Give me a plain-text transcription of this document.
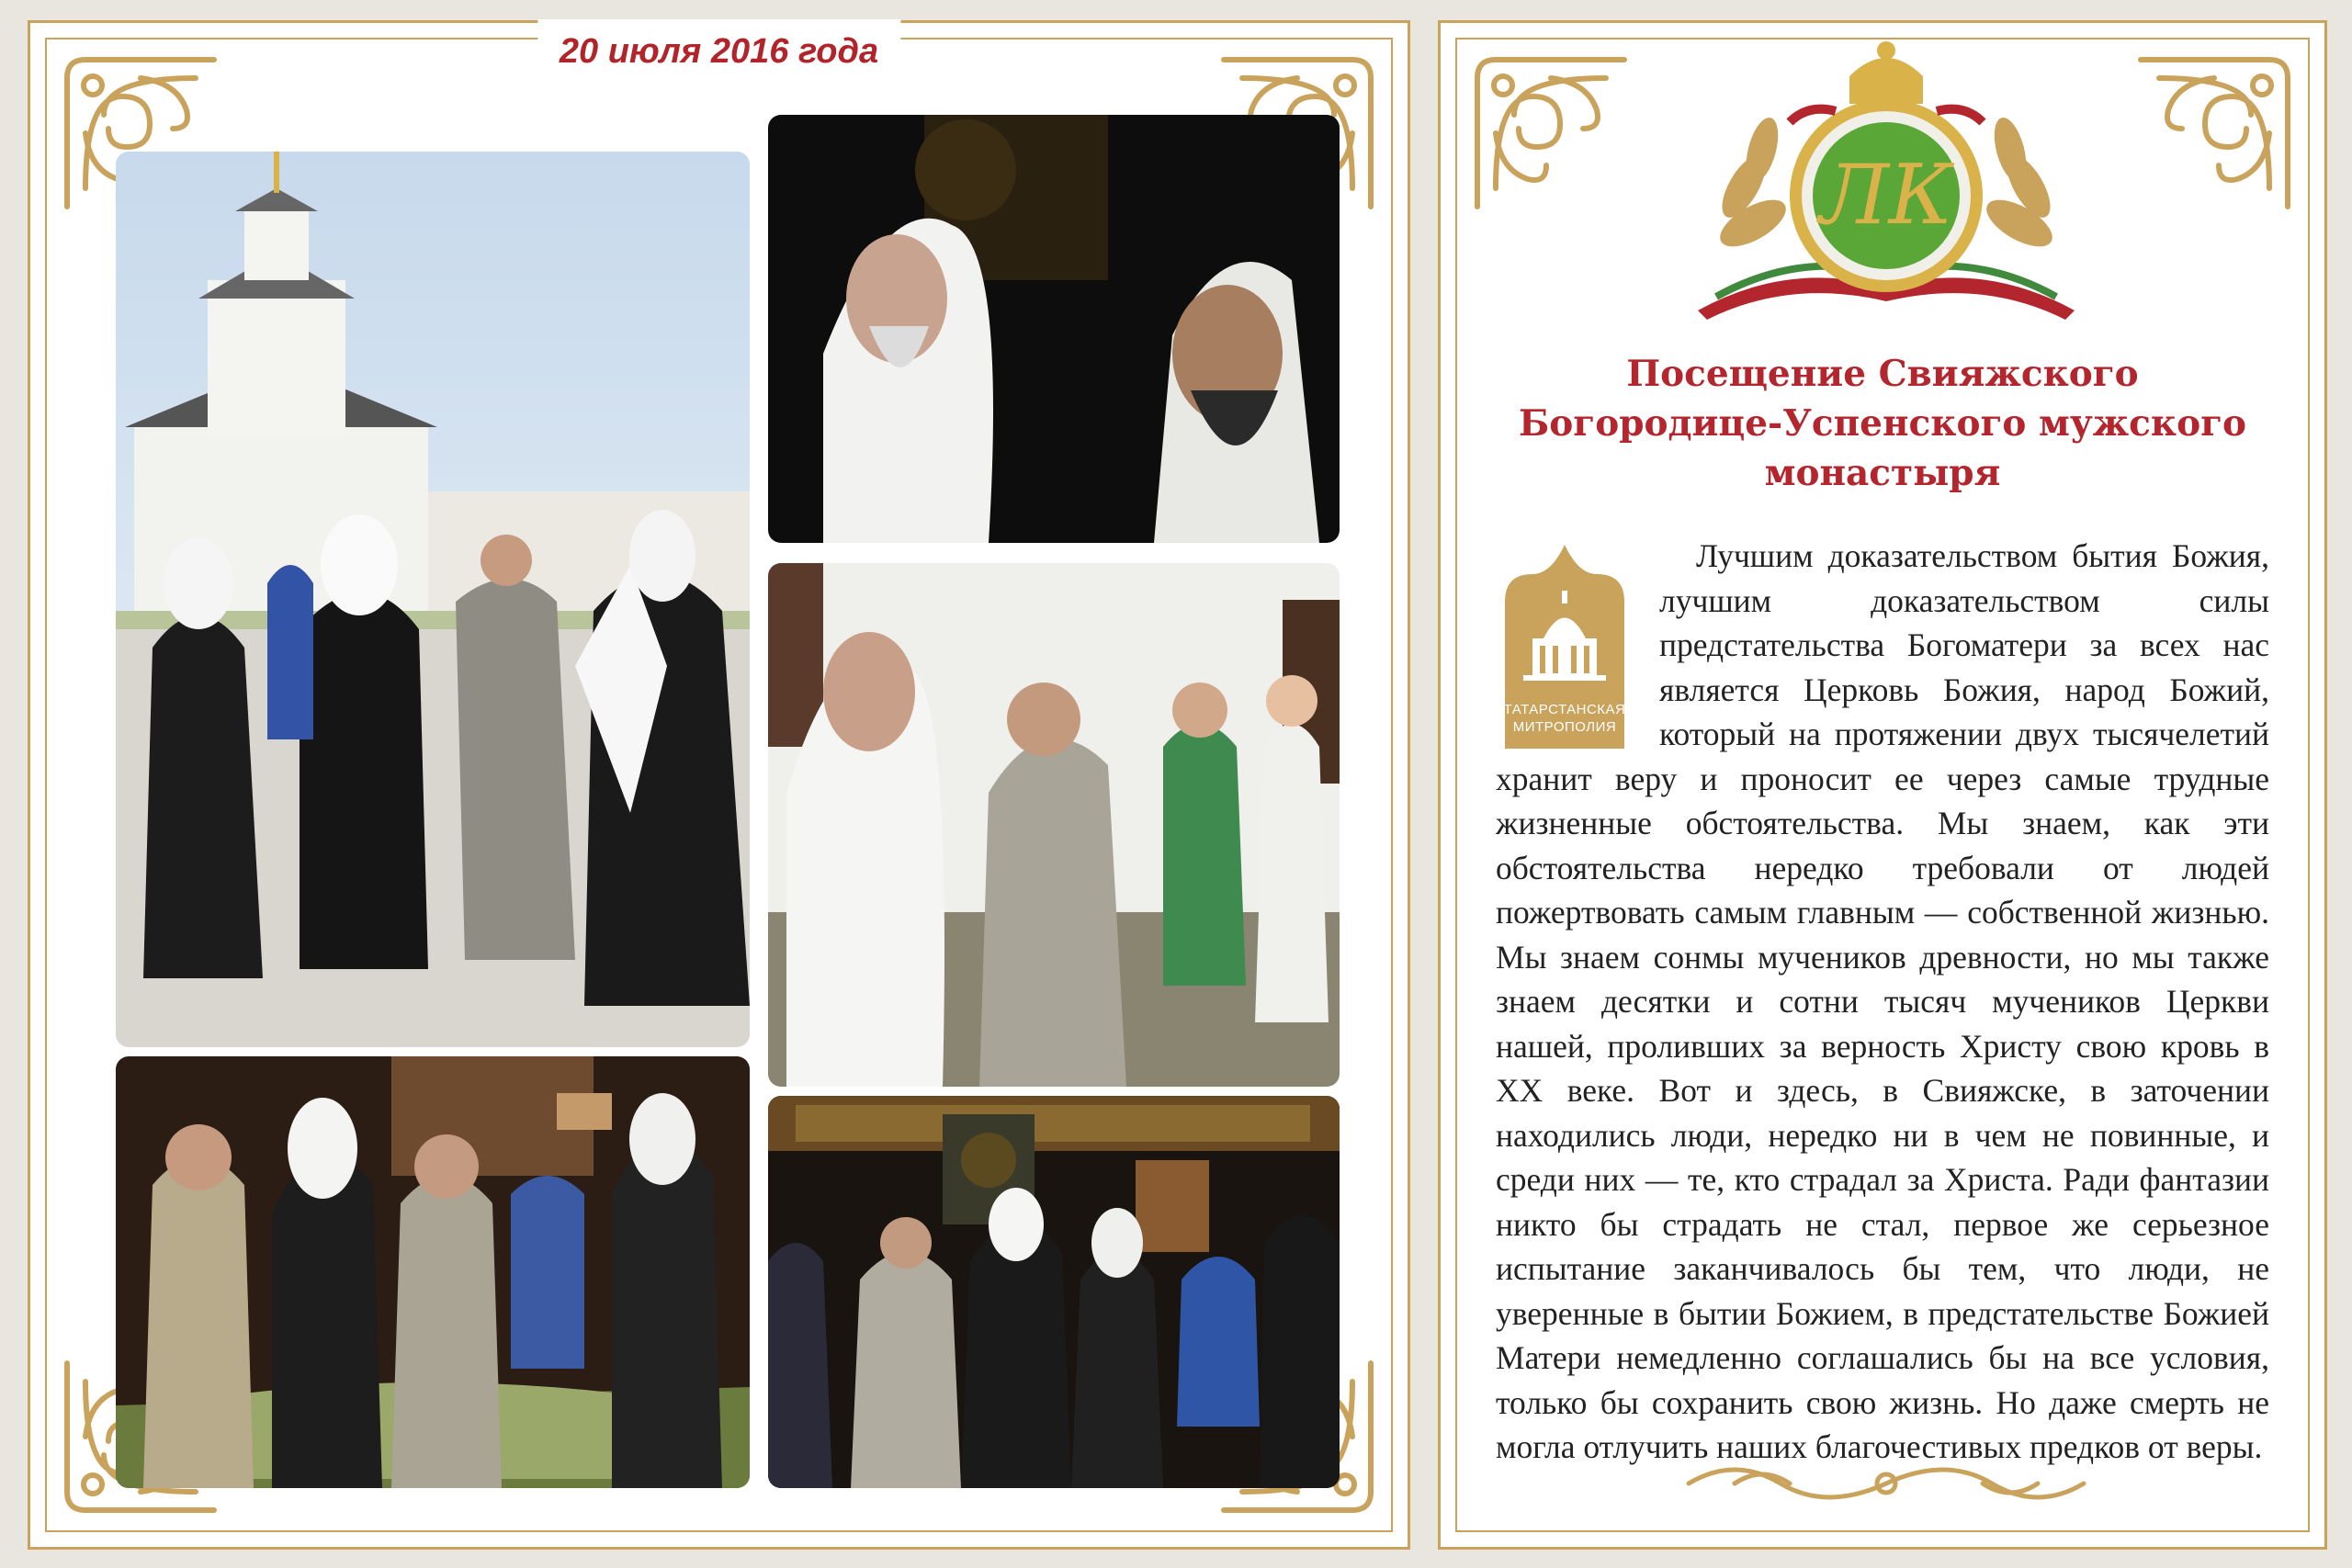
20 июля 2016 года
ЛК
Посещение Свияжского
Богородице-Успенского мужского
монастыря
ТАТАРСТАНСКАЯ
МИТРОПОЛИЯ

Лучшим доказательством бытия Божия, лучшим доказательством силы предстательства Богоматери за всех нас является Церковь Божия, народ Божий, который на протяжении двух тысячелетий хранит веру и проносит ее через самые трудные жизненные обстоятельства. Мы знаем, как эти обстоятельства нередко требовали от людей пожертвовать самым главным — собственной жизнью. Мы знаем сонмы мучеников древности, но мы также знаем десятки и сотни тысяч мучеников Церкви нашей, проливших за верность Христу свою кровь в XX веке. Вот и здесь, в Свияжске, в заточении находились люди, нередко ни в чем не повинные, и среди них — те, кто страдал за Христа. Ради фантазии никто бы страдать не стал, первое же серьезное испытание заканчивалось бы тем, что люди, не уверенные в бытии Божием, в предстательстве Божией Матери немедленно соглашались бы на все условия, только бы сохранить свою жизнь. Но даже смерть не могла отлучить наших благочестивых предков от веры.
